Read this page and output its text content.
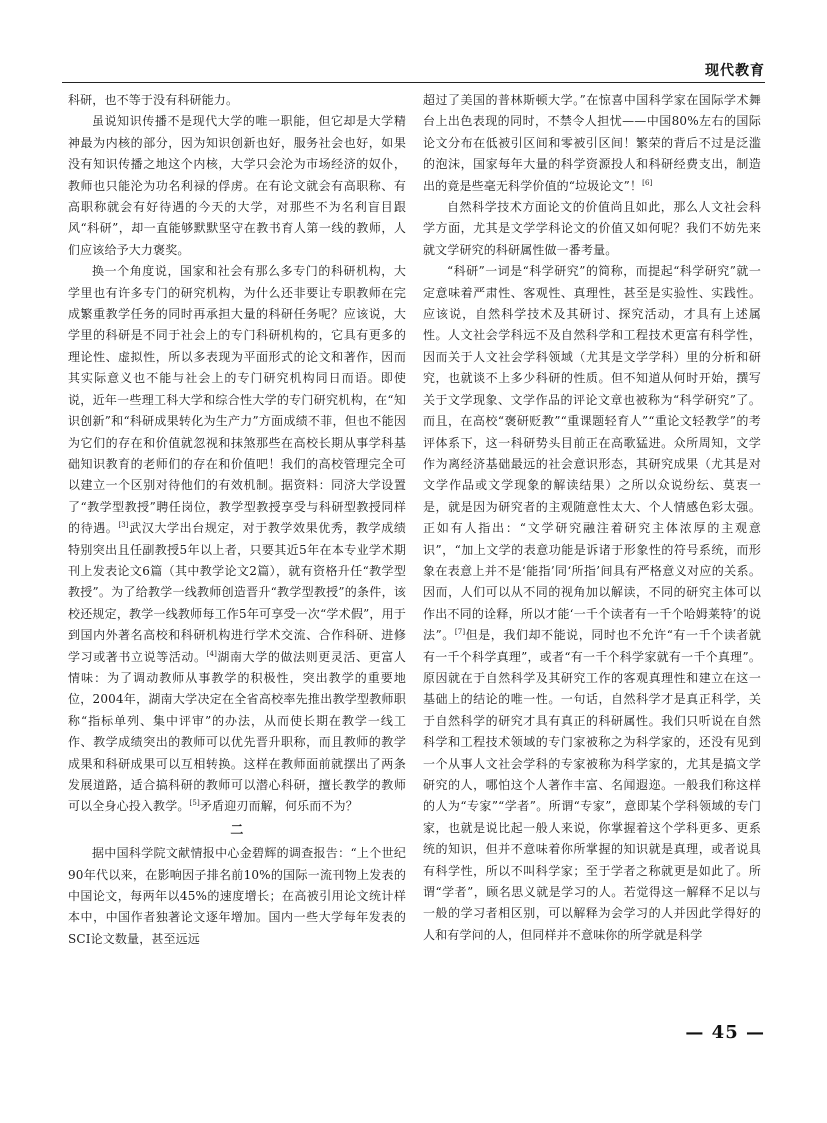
现代教育

科研，也不等于没有科研能力。

虽说知识传播不是现代大学的唯一职能，但它却是大学精神最为内核的部分，因为知识创新也好，服务社会也好，如果没有知识传播之地这个内核，大学只会沦为市场经济的奴仆，教师也只能沦为功名利禄的俘虏。在有论文就会有高职称、有高职称就会有好待遇的今天的大学，对那些不为名利盲目跟风“科研”，却一直能够默默坚守在教书育人第一线的教师，人们应该给予大力褒奖。

换一个角度说，国家和社会有那么多专门的科研机构，大学里也有许多专门的研究机构，为什么还非要让专职教师在完成繁重教学任务的同时再承担大量的科研任务呢？应该说，大学里的科研是不同于社会上的专门科研机构的，它具有更多的理论性、虚拟性，所以多表现为平面形式的论文和著作，因而其实际意义也不能与社会上的专门研究机构同日而语。即使说，近年一些理工科大学和综合性大学的专门研究机构，在“知识创新”和“科研成果转化为生产力”方面成绩不菲，但也不能因为它们的存在和价值就忽视和抹煞那些在高校长期从事学科基础知识教育的老师们的存在和价值吧！我们的高校管理完全可以建立一个区别对待他们的有效机制。据资料：同济大学设置了“教学型教授”聘任岗位，教学型教授享受与科研型教授同样的待遇。[3]武汉大学出台规定，对于教学效果优秀，教学成绩特别突出且任副教授5年以上者，只要其近5年在本专业学术期刊上发表论文6篇（其中教学论文2篇），就有资格升任“教学型教授”。为了给教学一线教师创造晋升“教学型教授”的条件，该校还规定，教学一线教师每工作5年可享受一次“学术假”，用于到国内外著名高校和科研机构进行学术交流、合作科研、进修学习或著书立说等活动。[4]湖南大学的做法则更灵活、更富人情味：为了调动教师从事教学的积极性，突出教学的重要地位，2004年，湖南大学决定在全省高校率先推出教学型教师职称“指标单列、集中评审”的办法，从而使长期在教学一线工作、教学成绩突出的教师可以优先晋升职称，而且教师的教学成果和科研成果可以互相转换。这样在教师面前就摆出了两条发展道路，适合搞科研的教师可以潜心科研，擅长教学的教师可以全身心投入教学。[5]矛盾迎刃而解，何乐而不为？

二

据中国科学院文献情报中心金碧辉的调查报告：“上个世纪90年代以来，在影响因子排名前10%的国际一流刊物上发表的中国论文，每两年以45%的速度增长；在高被引用论文统计样本中，中国作者独著论文逐年增加。国内一些大学每年发表的SCI论文数量，甚至远远

超过了美国的普林斯顿大学。”在惊喜中国科学家在国际学术舞台上出色表现的同时，不禁令人担忧——中国80%左右的国际论文分布在低被引区间和零被引区间！繁荣的背后不过是泛滥的泡沫，国家每年大量的科学资源投人和科研经费支出，制造出的竟是些毫无科学价值的“垃圾论文”！[6]

自然科学技术方面论文的价值尚且如此，那么人文社会科学方面，尤其是文学学科论文的价值又如何呢？我们不妨先来就文学研究的科研属性做一番考量。

“科研”一词是“科学研究”的简称，而提起“科学研究”就一定意味着严肃性、客观性、真理性，甚至是实验性、实践性。应该说，自然科学技术及其研讨、探究活动，才具有上述属性。人文社会学科远不及自然科学和工程技术更富有科学性，因而关于人文社会学科领域（尤其是文学学科）里的分析和研究，也就谈不上多少科研的性质。但不知道从何时开始，撰写关于文学现象、文学作品的评论文章也被称为“科学研究”了。而且，在高校“褒研贬教”“重课题轻育人”“重论文轻教学”的考评体系下，这一科研势头目前正在高歌猛进。众所周知，文学作为离经济基础最远的社会意识形态，其研究成果（尤其是对文学作品或文学现象的解读结果）之所以众说纷纭、莫衷一是，就是因为研究者的主观随意性太大、个人情感色彩太强。正如有人指出：“文学研究融注着研究主体浓厚的主观意识”，“加上文学的表意功能是诉诸于形象性的符号系统，而形象在表意上并不是‘能指’同‘所指’间具有严格意义对应的关系。因而，人们可以从不同的视角加以解读，不同的研究主体可以作出不同的诠释，所以才能‘一千个读者有一千个哈姆莱特’的说法”。[7]但是，我们却不能说，同时也不允许“有一千个读者就有一千个科学真理”，或者“有一千个科学家就有一千个真理”。原因就在于自然科学及其研究工作的客观真理性和建立在这一基础上的结论的唯一性。一句话，自然科学才是真正科学，关于自然科学的研究才具有真正的科研属性。我们只听说在自然科学和工程技术领域的专门家被称之为科学家的，还没有见到一个从事人文社会学科的专家被称为科学家的，尤其是搞文学研究的人，哪怕这个人著作丰富、名闻遐迩。一般我们称这样的人为“专家”“学者”。所谓“专家”，意即某个学科领域的专门家，也就是说比起一般人来说，你掌握着这个学科更多、更系统的知识，但并不意味着你所掌握的知识就是真理，或者说具有科学性，所以不叫科学家；至于学者之称就更是如此了。所谓“学者”，顾名思义就是学习的人。若觉得这一解释不足以与一般的学习者相区别，可以解释为会学习的人并因此学得好的人和有学问的人，但同样并不意味你的所学就是科学

— 45 —
